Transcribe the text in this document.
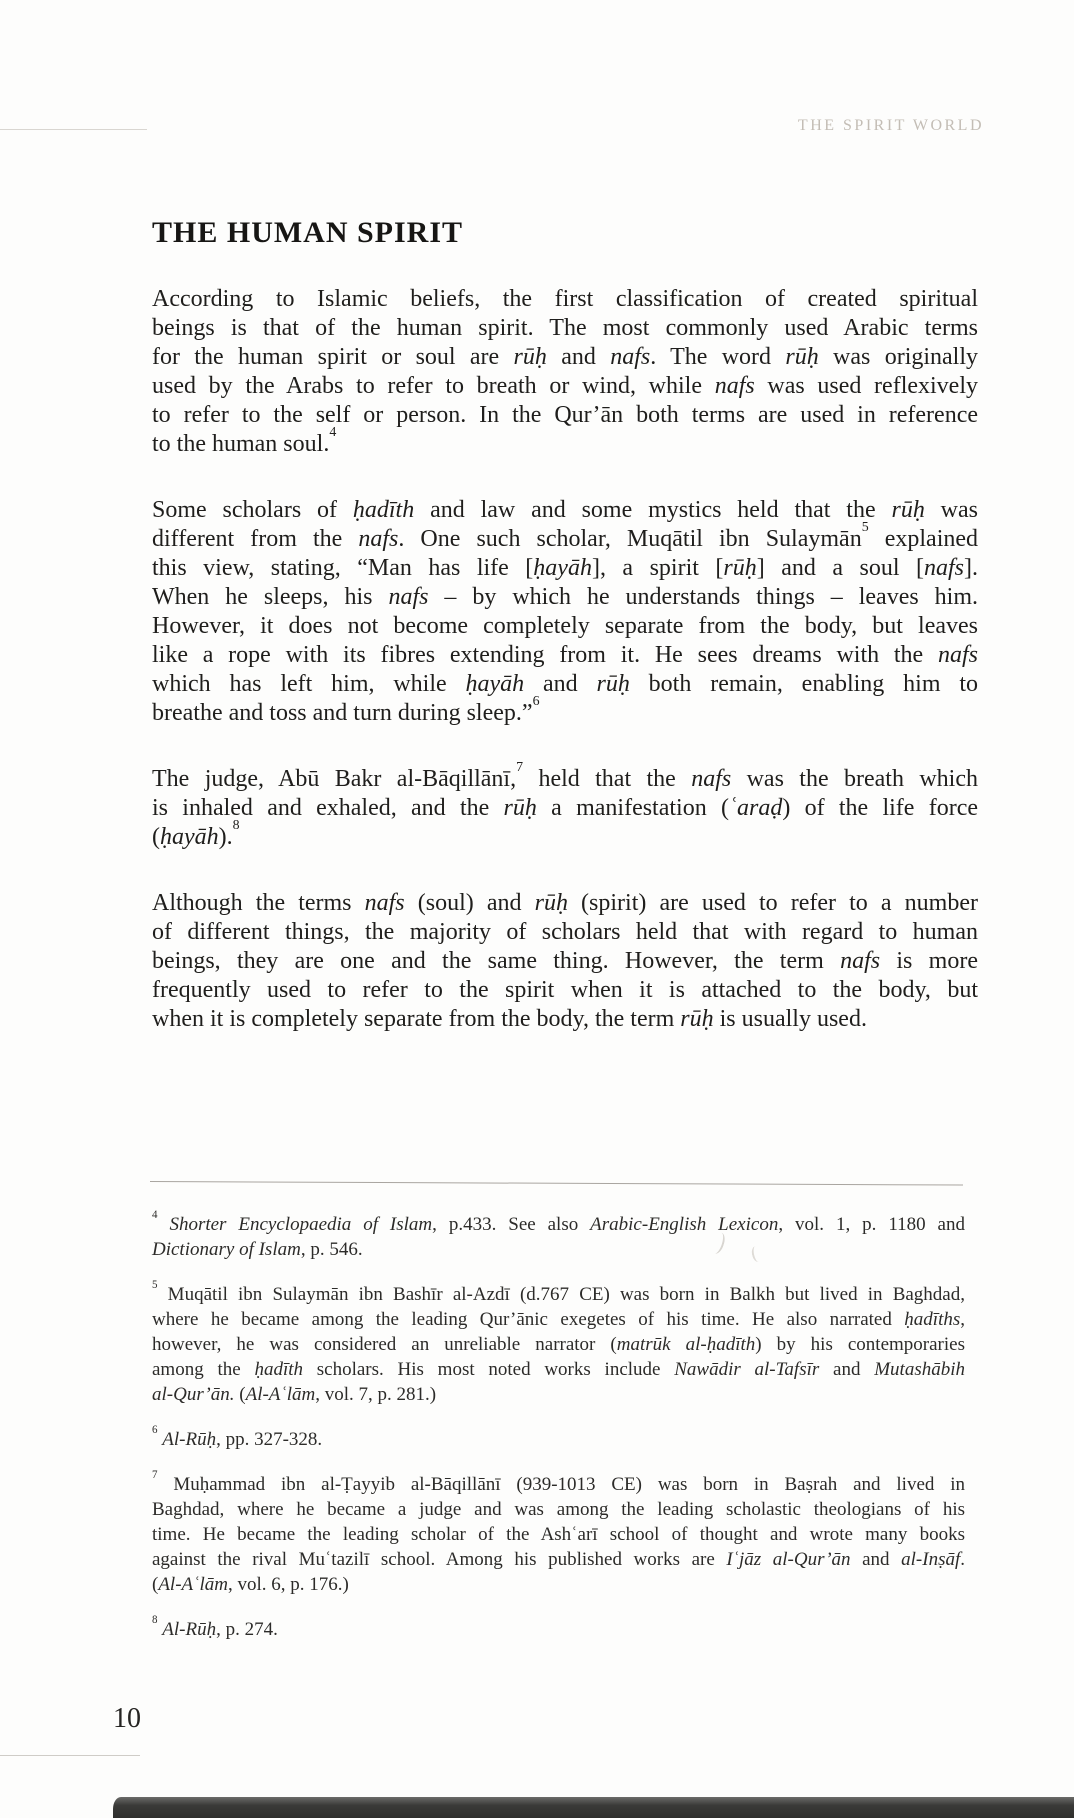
THE SPIRIT WORLD
THE HUMAN SPIRIT
According to Islamic beliefs, the first classification of created spiritual
beings is that of the human spirit. The most commonly used Arabic terms
for the human spirit or soul are rūḥ and nafs. The word rūḥ was originally
used by the Arabs to refer to breath or wind, while nafs was used reflexively
to refer to the self or person. In the Qur’ān both terms are used in reference
to the human soul.$^4$
Some scholars of ḥadīth and law and some mystics held that the rūḥ was
different from the nafs. One such scholar, Muqātil ibn Sulaymān$^5$ explained
this view, stating, “Man has life [ḥayāh], a spirit [rūḥ] and a soul [nafs].
When he sleeps, his nafs – by which he understands things – leaves him.
However, it does not become completely separate from the body, but leaves
like a rope with its fibres extending from it. He sees dreams with the nafs
which has left him, while ḥayāh and rūḥ both remain, enabling him to
breathe and toss and turn during sleep.”$^6$
The judge, Abū Bakr al-Bāqillānī,$^7$ held that the nafs was the breath which
is inhaled and exhaled, and the rūḥ a manifestation (ʿaraḍ) of the life force
(ḥayāh).$^8$
Although the terms nafs (soul) and rūḥ (spirit) are used to refer to a number
of different things, the majority of scholars held that with regard to human
beings, they are one and the same thing. However, the term nafs is more
frequently used to refer to the spirit when it is attached to the body, but
when it is completely separate from the body, the term rūḥ is usually used.
$^4$ Shorter Encyclopaedia of Islam, p.433. See also Arabic-English Lexicon, vol. 1, p. 1180 and
Dictionary of Islam, p. 546.
$^5$ Muqātil ibn Sulaymān ibn Bashīr al-Azdī (d.767 CE) was born in Balkh but lived in Baghdad,
where he became among the leading Qur’ānic exegetes of his time. He also narrated ḥadīths,
however, he was considered an unreliable narrator (matrūk al-ḥadīth) by his contemporaries
among the ḥadīth scholars. His most noted works include Nawādir al-Tafsīr and Mutashābih
al-Qur’ān. (Al-Aʿlām, vol. 7, p. 281.)
$^6$ Al-Rūḥ, pp. 327-328.
$^7$ Muḥammad ibn al-Ṭayyib al-Bāqillānī (939-1013 CE) was born in Baṣrah and lived in
Baghdad, where he became a judge and was among the leading scholastic theologians of his
time. He became the leading scholar of the Ashʿarī school of thought and wrote many books
against the rival Muʿtazilī school. Among his published works are Iʿjāz al-Qur’ān and al-Inṣāf.
(Al-Aʿlām, vol. 6, p. 176.)
$^8$ Al-Rūḥ, p. 274.
10
